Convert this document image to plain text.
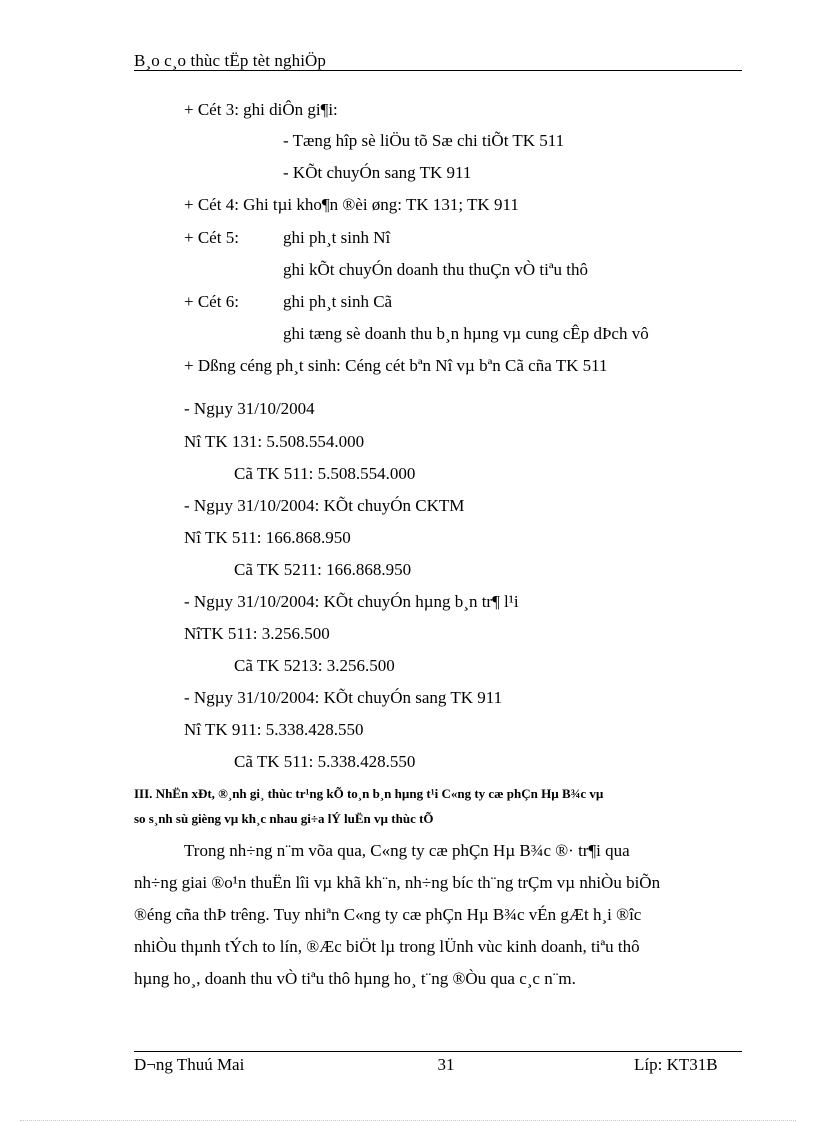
B¸o c¸o thùc tËp tèt nghiÖp
+ Cét 3: ghi diÔn gi¶i:
- Tæng hîp sè liÖu tõ Sæ chi tiÕt TK 511
- KÕt chuyÓn sang TK 911
+ Cét 4: Ghi tµi kho¶n ®èi øng: TK 131; TK 911
+ Cét 5:	ghi ph¸t sinh Nî
ghi kÕt chuyÓn doanh thu thuÇn vÒ tiªu thô
+ Cét 6:	ghi ph¸t sinh Cã
ghi tæng sè doanh thu b¸n hµng vµ cung cÊp dÞch vô
+ Dßng céng ph¸t sinh: Céng cét bªn Nî vµ bªn Cã cña TK 511
- Ngµy 31/10/2004
Nî TK 131: 5.508.554.000
Cã TK 511: 5.508.554.000
- Ngµy 31/10/2004: KÕt chuyÓn CKTM
Nî TK 511: 166.868.950
Cã TK 5211: 166.868.950
- Ngµy 31/10/2004: KÕt chuyÓn hµng b¸n tr¶ l¹i
NîTK 511: 3.256.500
Cã TK 5213: 3.256.500
- Ngµy 31/10/2004: KÕt chuyÓn sang TK 911
Nî TK 911: 5.338.428.550
Cã TK 511: 5.338.428.550
III. NhËn xÐt, ®¸nh gi¸ thùc tr¹ng kÕ to¸n b¸n hµng t¹i C«ng ty cæ phÇn Hµ B¾c vµ
so s¸nh sù gièng vµ kh¸c nhau gi÷a lÝ luËn vµ thùc tÕ
Trong nh÷ng n¨m võa qua, C«ng ty cæ phÇn Hµ B¾c ®· tr¶i qua
nh÷ng giai ®o¹n thuËn lîi vµ khã kh¨n, nh÷ng bíc th¨ng trÇm vµ nhiÒu biÕn
®éng cña thÞ trêng. Tuy nhiªn C«ng ty cæ phÇn Hµ B¾c vÉn gÆt h¸i ®îc
nhiÒu thµnh tÝch to lín, ®Æc biÖt lµ trong lÜnh vùc kinh doanh, tiªu thô
hµng ho¸, doanh thu vÒ tiªu thô hµng ho¸ t¨ng ®Òu qua c¸c n¨m.
D¬ng Thuú Mai	31	Líp: KT31B
